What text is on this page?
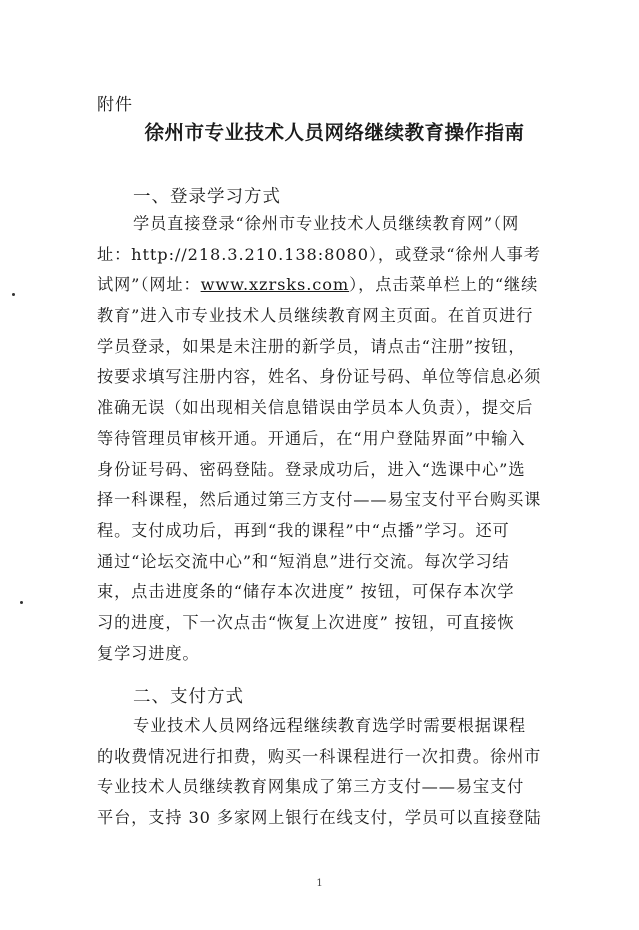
附件
徐州市专业技术人员网络继续教育操作指南
一、登录学习方式
学员直接登录“徐州市专业技术人员继续教育网”（网
址：http://218.3.210.138:8080），或登录“徐州人事考
试网”（网址：www.xzrsks.com），点击菜单栏上的“继续
教育”进入市专业技术人员继续教育网主页面。在首页进行
学员登录，如果是未注册的新学员，请点击“注册”按钮，
按要求填写注册内容，姓名、身份证号码、单位等信息必须
准确无误（如出现相关信息错误由学员本人负责），提交后
等待管理员审核开通。开通后，在“用户登陆界面”中输入
身份证号码、密码登陆。登录成功后，进入“选课中心”选
择一科课程，然后通过第三方支付——易宝支付平台购买课
程。支付成功后，再到“我的课程”中“点播”学习。还可
通过“论坛交流中心”和“短消息”进行交流。每次学习结
束，点击进度条的“储存本次进度” 按钮，可保存本次学
习的进度，下一次点击“恢复上次进度” 按钮，可直接恢
复学习进度。
二、支付方式
专业技术人员网络远程继续教育选学时需要根据课程
的收费情况进行扣费，购买一科课程进行一次扣费。徐州市
专业技术人员继续教育网集成了第三方支付——易宝支付
平台，支持 30 多家网上银行在线支付，学员可以直接登陆
1
